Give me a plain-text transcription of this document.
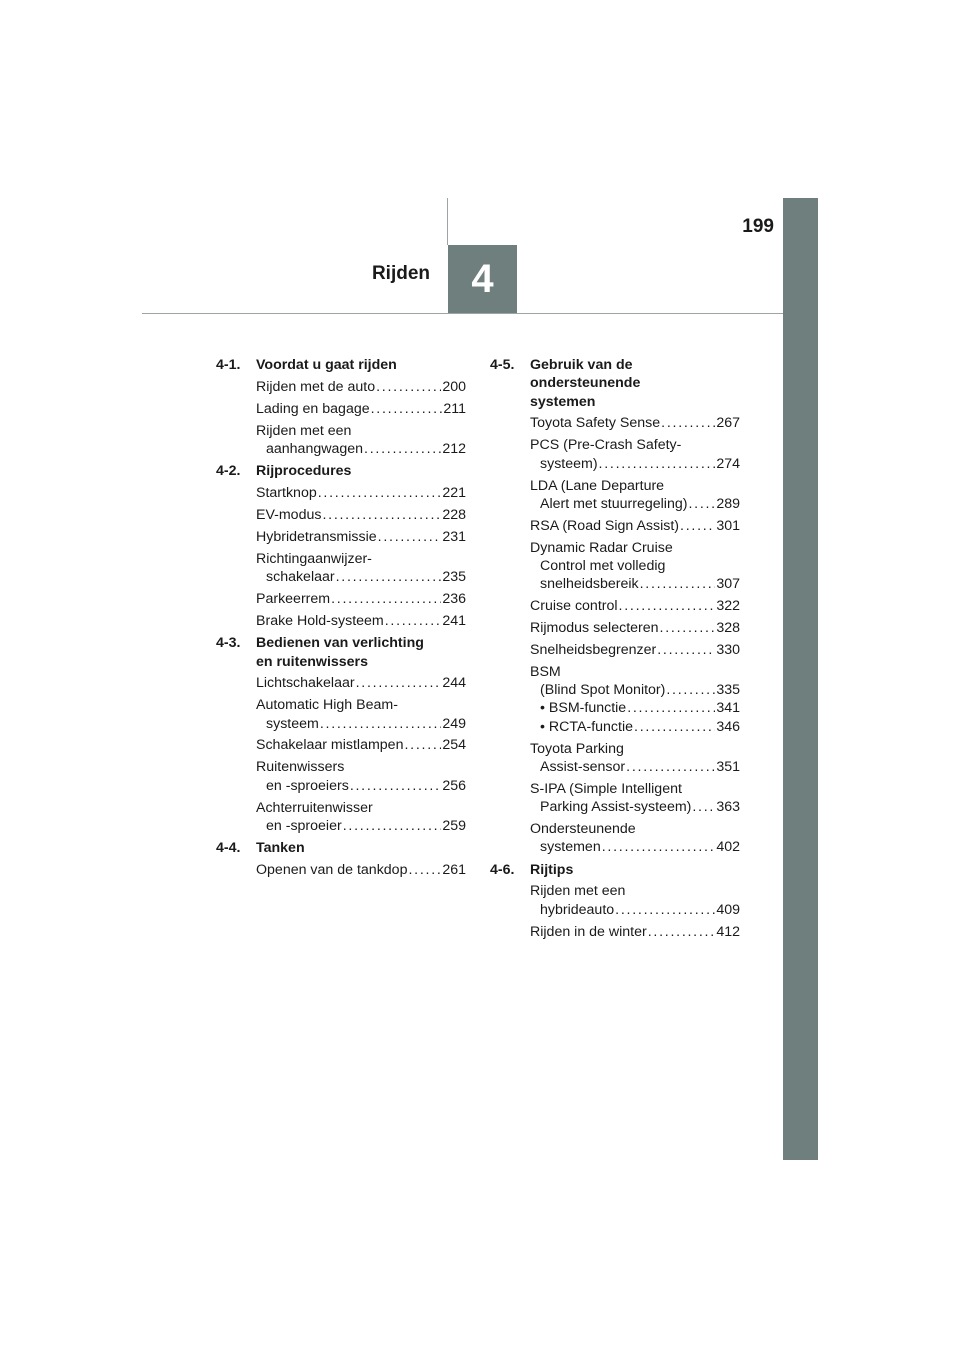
199
4
Rijden
4-1.	Voordat u gaat rijden
Rijden met de auto . . .	200
Lading en bagage . . .	211
Rijden met een
aanhangwagen . . .	212
4-2.	Rijprocedures
Startknop . . .	221
EV-modus . . .	228
Hybridetransmissie . . .	231
Richtingaanwijzer-
schakelaar . . .	235
Parkeerrem . . .	236
Brake Hold-systeem . . .	241
4-3.	Bedienen van verlichting
en ruitenwissers
Lichtschakelaar . . .	244
Automatic High Beam-
systeem . . .	249
Schakelaar mistlampen . . .	254
Ruitenwissers
en -sproeiers . . .	256
Achterruitenwisser
en -sproeier . . .	259
4-4.	Tanken
Openen van de tankdop . . . 261
4-5.	Gebruik van de
ondersteunende
systemen
Toyota Safety Sense . . .	267
PCS (Pre-Crash Safety-
systeem) . . .	274
LDA (Lane Departure
Alert met stuurregeling) . . . 289
RSA (Road Sign Assist) . . .	301
Dynamic Radar Cruise
Control met volledig
snelheidsbereik . . .	307
Cruise control . . .	322
Rijmodus selecteren . . .	328
Snelheidsbegrenzer . . .	330
BSM
(Blind Spot Monitor) . . .	335
• BSM-functie . . .	341
• RCTA-functie . . .	346
Toyota Parking
Assist-sensor . . .	351
S-IPA (Simple Intelligent
Parking Assist-systeem) . . . 363
Ondersteunende
systemen . . .	402
4-6.	Rijtips
Rijden met een
hybrideauto . . .	409
Rijden in de winter . . .	412
